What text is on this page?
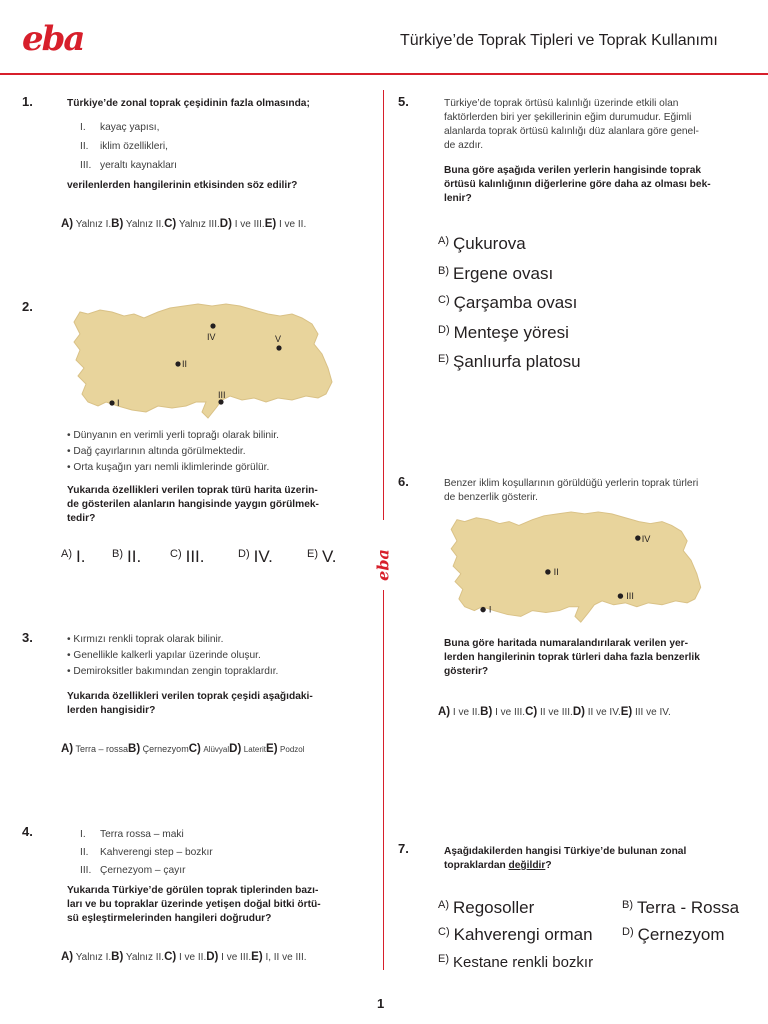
eba	Türkiye’de Toprak Tipleri ve Toprak Kullanımı
eba
1.	Türkiye’de zonal toprak çeşidinin fazla olmasında;
I. kayaç yapısı,
II. iklim özellikleri,
III. yeraltı kaynakları
verilenlerden hangilerinin etkisinden söz edilir?
A) Yalnız I.B) Yalnız II.C) Yalnız III.D) I ve III.E) I ve II.
2.
IV	V
II
III
I
• Dünyanın en verimli yerli toprağı olarak bilinir.
• Dağ çayırlarının altında görülmektedir.
• Orta kuşağın yarı nemli iklimlerinde görülür.
Yukarıda özellikleri verilen toprak türü harita üzerin-
de gösterilen alanların hangisinde yaygın görülmek-
tedir?
$^{A)}$ I. $^{B)}$ II.	$^{C)}$ III.	$^{D)}$ IV.	$^{E)}$ V.
3.	• Kırmızı renkli toprak olarak bilinir.
• Genellikle kalkerli yapılar üzerinde oluşur.
• Demiroksitler bakımından zengin topraklardır.
Yukarıda özellikleri verilen toprak çeşidi aşağıdaki-
lerden hangisidir?
A) Terra – rossaB) ÇernezyomC) AlüvyalD) LateritE) Podzol
4.	I. Terra rossa – maki
II. Kahverengi step – bozkır
III. Çernezyom – çayır
Yukarıda Türkiye’de görülen toprak tiplerinden bazı-
ları ve bu topraklar üzerinde yetişen doğal bitki örtü-
sü eşleştirmelerinden hangileri doğrudur?
A) Yalnız I.B) Yalnız II.C) I ve II.D) I ve III.E) I, II ve III.
5.	Türkiye’de toprak örtüsü kalınlığı üzerinde etkili olan
faktörlerden biri yer şekillerinin eğim durumudur. Eğimli
alanlarda toprak örtüsü kalınlığı düz alanlara göre genel-
de azdır.
Buna göre aşağıda verilen yerlerin hangisinde toprak
örtüsü kalınlığının diğerlerine göre daha az olması bek-
lenir?
$^{A)}$ Çukurova
$^{B)}$ Ergene ovası
$^{C)}$ Çarşamba ovası
$^{D)}$ Menteşe yöresi
$^{E)}$ Şanlıurfa platosu
6.	Benzer iklim koşullarının görüldüğü yerlerin toprak türleri
de benzerlik gösterir.
IV
II
III
I
Buna göre haritada numaralandırılarak verilen yer-
lerden hangilerinin toprak türleri daha fazla benzerlik
gösterir?
A) I ve II.B) I ve III.C) II ve III.D) II ve IV.E) III ve IV.
7.	Aşağıdakilerden hangisi Türkiye’de bulunan zonal
topraklardan değildir?
$^{A)}$ Regosoller	$^{B)}$ Terra - Rossa
$^{C)}$ Kahverengi orman	$^{D)}$ Çernezyom
$^{E)}$ Kestane renkli bozkır
1
